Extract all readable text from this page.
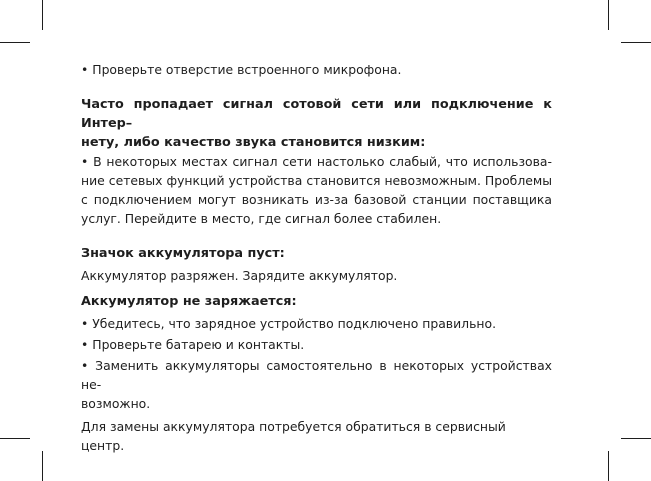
• Проверьте отверстие встроенного микрофона.

Часто пропадает сигнал сотовой сети или подключение к Интер–
нету, либо качество звука становится низким:

• В некоторых местах сигнал сети настолько слабый, что использова-
ние сетевых функций устройства становится невозможным. Проблемы
с подключением могут возникать из-за базовой станции поставщика
услуг. Перейдите в место, где сигнал более стабилен.

Значок аккумулятора пуст:

Аккумулятор разряжен. Зарядите аккумулятор.

Аккумулятор не заряжается:

• Убедитесь, что зарядное устройство подключено правильно.

• Проверьте батарею и контакты.

• Заменить аккумуляторы самостоятельно в некоторых устройствах не-
возможно.

Для замены аккумулятора потребуется обратиться в сервисный центр.
